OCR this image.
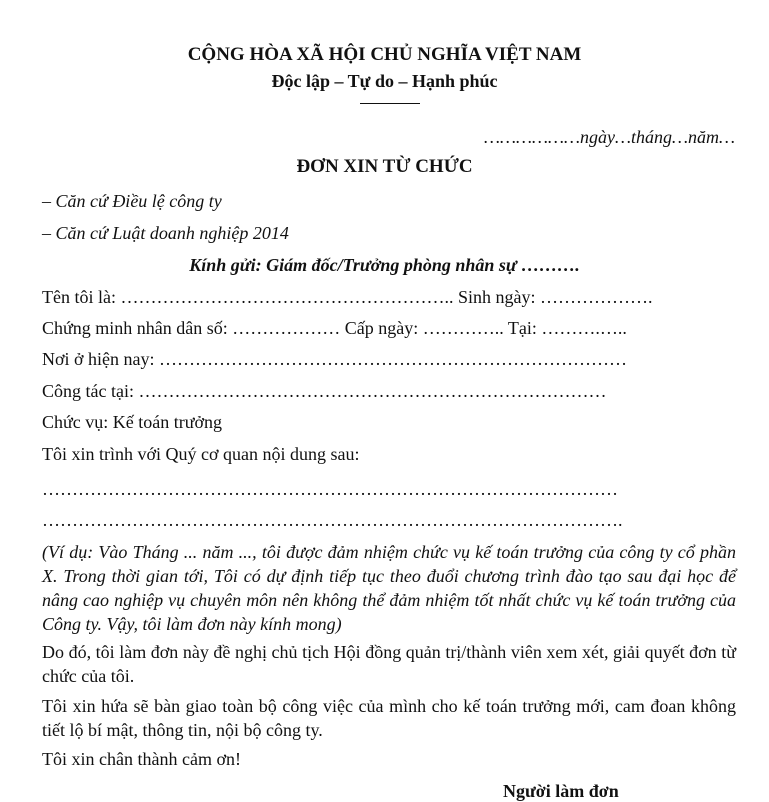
CỘNG HÒA XÃ HỘI CHỦ NGHĨA VIỆT NAM
Độc lập – Tự do – Hạnh phúc
………………ngày…tháng…năm…
ĐƠN XIN TỪ CHỨC
– Căn cứ Điều lệ công ty
– Căn cứ Luật doanh nghiệp 2014
Kính gửi: Giám đốc/Trưởng phòng nhân sự ……….
Tên tôi là: ……………………………………………….. Sinh ngày: ……………….
Chứng minh nhân dân số: ……………… Cấp ngày: ………….. Tại: ……….…..
Nơi ở hiện nay: ……………………………………………………………………
Công tác tại: ……………………………………………………………………
Chức vụ: Kế toán trưởng
Tôi xin trình với Quý cơ quan nội dung sau:
……………………………………………………………………………………
…………………………………………………………………………………….
(Ví dụ: Vào Tháng ... năm ..., tôi được đảm nhiệm chức vụ kế toán trưởng của công ty cổ phần X. Trong thời gian tới, Tôi có dự định tiếp tục theo đuổi chương trình đào tạo sau đại học để nâng cao nghiệp vụ chuyên môn nên không thể đảm nhiệm tốt nhất chức vụ kế toán trưởng của Công ty. Vậy, tôi làm đơn này kính mong)
Do đó, tôi làm đơn này đề nghị chủ tịch Hội đồng quản trị/thành viên xem xét, giải quyết đơn từ chức của tôi.
Tôi xin hứa sẽ bàn giao toàn bộ công việc của mình cho kế toán trưởng mới, cam đoan không tiết lộ bí mật, thông tin, nội bộ công ty.
Tôi xin chân thành cảm ơn!
Người làm đơn
